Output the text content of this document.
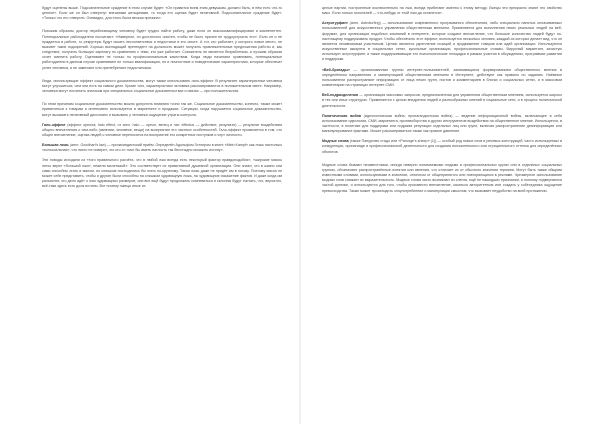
будут оценены выше. Подсознательное суждение в этом случае будет: «Он нравится всем этим девушкам, должно быть, в нём есть что-то ценное». Если же он был отвергнут внешними женщинами, то тогда его оценка будет негативной. Подсознательное суждение будет: «Только что его отвергли. Очевидно, для этого была веская причина».

Похожим образом, доктор неработающему человеку будет трудно найти работу, даже если он высококвалифицирован и компетентен. Потенциальные работодатели посчитают: «Наверное, он достаточно опытен, чтобы не было причин не трудоустроить его». Если он и не нуждается в работе, то рекрутеры будут искать несоответствия и недостатки в его опыте. А тот, кто работает, у которого новое место, не вызовет таких подозрений. Хорошо выглядящий претендент на должность может получить привлекательные предложения работы и, как следствие, получить большую зарплату по сравнению с теми, кто уже работает. Соискатель не является безработным, а лучшим образом хочет сменить работу. Оценивают не только по профессиональным качествам. Когда люди начинают сравнивать, потенциальные работодатели в данном случае сравнивают не только квалификацию, но и личностные и поведенческие характеристики, которые обеспечат успех человека, и не замечают или пренебрегают недостатками.

Люди, использующие эффект социального доказательства, могут также использовать гало-эффект. В результате характеристики человека могут улучшиться, чем они есть на самом деле. Кроме того, характеристики человека рассматриваются в положительном свете. Например, человека могут посчитать знатоком при специальных социальных доказательствах и связях — при положительном.

По этим причинам социальное доказательство можно допустить влиянию точно так же. Социальное доказательство, конечно, также может применяться к товарам и интенсивно используется в маркетинге и продажах. Ситуации, когда нарушается социальное доказательство, могут вызывать негативный диссонанс и вызывать у человека ощущение утраты контроля.

Гало-эффект (эффект ореола; halo effect, от англ. halo — ореол, венец и лат. effectus — действие, результат) — результат воздействия общего впечатления о чем-либо (явлении, человеке, вещи) на восприятие его частных особенностей. Гало-эффект проявляется в том, что общее впечатление, оценка людей о человеке переносятся на восприятие его конкретных поступков и черт личности.

Большая ложь (англ. Goodhart’s law) — пропагандистский приём. Определён Адольфом Гитлером в книге «Mein Kampf» как ложь настолько «колоссальная», что никто не поверит, что кто-то «мог бы иметь наглость так бесстыдно исказить истину».

Эти поводы исходили из «того правильного расчёта, что в любой лжи всегда есть некоторый фактор правдоподобия», «широкие массы легко верят «большой лжи», нежели маленькой». Это соответствует их примитивной душевной организации. Они знают, что в жизни они сами способны лгать в малом, но слишком постыдились бы лгать по-крупному. Такая ложь даже не придёт им в голову. Поэтому масса не может себе представить, чтобы и другие были способны на слишком чудовищную ложь, на чудовищное искажение фактов. И даже когда им разъяснят, что дело идёт о лжи чудовищных размеров, они все ещё будут продолжать сомневаться и склонны будут считать, что, вероятно, всё-таки здесь есть доля истины. Вот почему лжецы иные из

целые партии, построенные исключительно на лжи, всегда прибегают именно к этому методу. Лжецы эти прекрасно знают это свойство масс. Если только посильней — что-нибудь от этой лжи да останется».

Астротурфинг (англ. Astroturfing) — использование современного программного обеспечения, либо специально нанятых оплачиваемых пользователей для искусственного управления общественным мнением. Применяется для выполнения неких реальных людей на веб-форумах, для организации подобных компаний в интернете, которые создают впечатление, что большое количество людей будут по-настоящему поддерживать продукт. Чтобы обеспечить этот эффект, используется несколько человек, каждый из которых делает вид, что он является независимым участником. Целью является укрепление позиций и продвижение товаров или идей организации. Используются искусственные аккаунты в социальных сетях, кукольные организации, профессиональные отзывы. Вирусный маркетинг, зачастую использует астротурфинг, а также поддерживающие его психологические площадки в рамках участия в обсуждениях, программах развития и поддержки.

«Веб-бригады» — организованные группы интернет-пользователей, занимающиеся формированием общественного мнения в определённом направлении и манипуляцией общественным мнением в Интернете, действуют как правило по заданию. Наёмные пользователи распространяют информацию от лица неких групп, постов и комментариев в блогах и социальных сетях, и в массовом комментарии на страницах интернет-СМИ.

Веб-подразделения — организация массовых запросов, предназначенная для управления общественным мнением, используется широко в тех или иных структурах. Применяется с целью внедрения людей и разнообразных мнений в социальные сети, и в процесс политической деятельности.

Политическая война (идеологическая война, пропагандистская война) — ведение информационной войны, включающее в себя использование идеологии, СМИ, маркетинга, противоборства и других инструментов воздействия на общественное мнение. Используется, в частности, в политике для поддержки или подрыва репутации отдельных лиц или групп, включая распространение дезинформации или манипулирование фактами. Может рассматриваться также как прямое давление.

Модные слова (также Панургово стадо или «Panurge’s sheep» (1)) — особый род новых слов и речевых конструкций, часто используемых в конкуренции, пропаганде и профессиональной деятельности для создания положительного или отрицательного оттенка для определённых объектов.

Модные слова бывают неизвестными, иногда неверно понимаемыми людьми в профессиональных кругах или в отдельных социальных группах, обозначают распространённые понятия или явления, что отличает их от обычного значения термина. Могут быть также общими известными словами, используемыми в значении, отличном от общепринятого или повторяющихся в рекламе. Чрезмерное использование модных слов снижает их выразительность. Модные слова часто возникают из сленга, ещё не нашедших признания, и поэтому подвергаются частой критике, и используются для того, чтобы произвести впечатление, казаться авторитетным или создать у собеседника ощущение превосходства. Также может происходить злоупотребление и манипуляция смыслом, что вызывает неудобство на всей протяжении.
